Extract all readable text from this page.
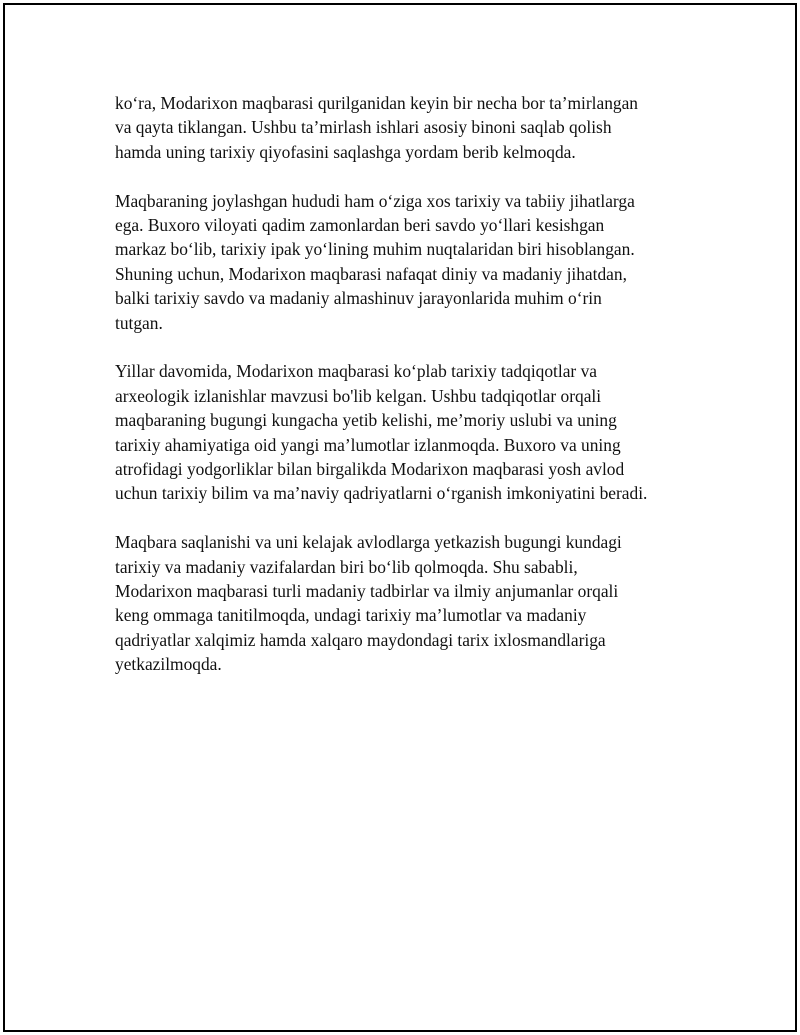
ko‘ra, Modarixon maqbarasi qurilganidan keyin bir necha bor ta’mirlangan
va qayta tiklangan. Ushbu ta’mirlash ishlari asosiy binoni saqlab qolish
hamda uning tarixiy qiyofasini saqlashga yordam berib kelmoqda.

Maqbaraning joylashgan hududi ham o‘ziga xos tarixiy va tabiiy jihatlarga
ega. Buxoro viloyati qadim zamonlardan beri savdo yo‘llari kesishgan
markaz bo‘lib, tarixiy ipak yo‘lining muhim nuqtalaridan biri hisoblangan.
Shuning uchun, Modarixon maqbarasi nafaqat diniy va madaniy jihatdan,
balki tarixiy savdo va madaniy almashinuv jarayonlarida muhim o‘rin
tutgan.

Yillar davomida, Modarixon maqbarasi ko‘plab tarixiy tadqiqotlar va
arxeologik izlanishlar mavzusi bo'lib kelgan. Ushbu tadqiqotlar orqali
maqbaraning bugungi kungacha yetib kelishi, me’moriy uslubi va uning
tarixiy ahamiyatiga oid yangi ma’lumotlar izlanmoqda. Buxoro va uning
atrofidagi yodgorliklar bilan birgalikda Modarixon maqbarasi yosh avlod
uchun tarixiy bilim va ma’naviy qadriyatlarni o‘rganish imkoniyatini beradi.

Maqbara saqlanishi va uni kelajak avlodlarga yetkazish bugungi kundagi
tarixiy va madaniy vazifalardan biri bo‘lib qolmoqda. Shu sababli,
Modarixon maqbarasi turli madaniy tadbirlar va ilmiy anjumanlar orqali
keng ommaga tanitilmoqda, undagi tarixiy ma’lumotlar va madaniy
qadriyatlar xalqimiz hamda xalqaro maydondagi tarix ixlosmandlariga
yetkazilmoqda.
